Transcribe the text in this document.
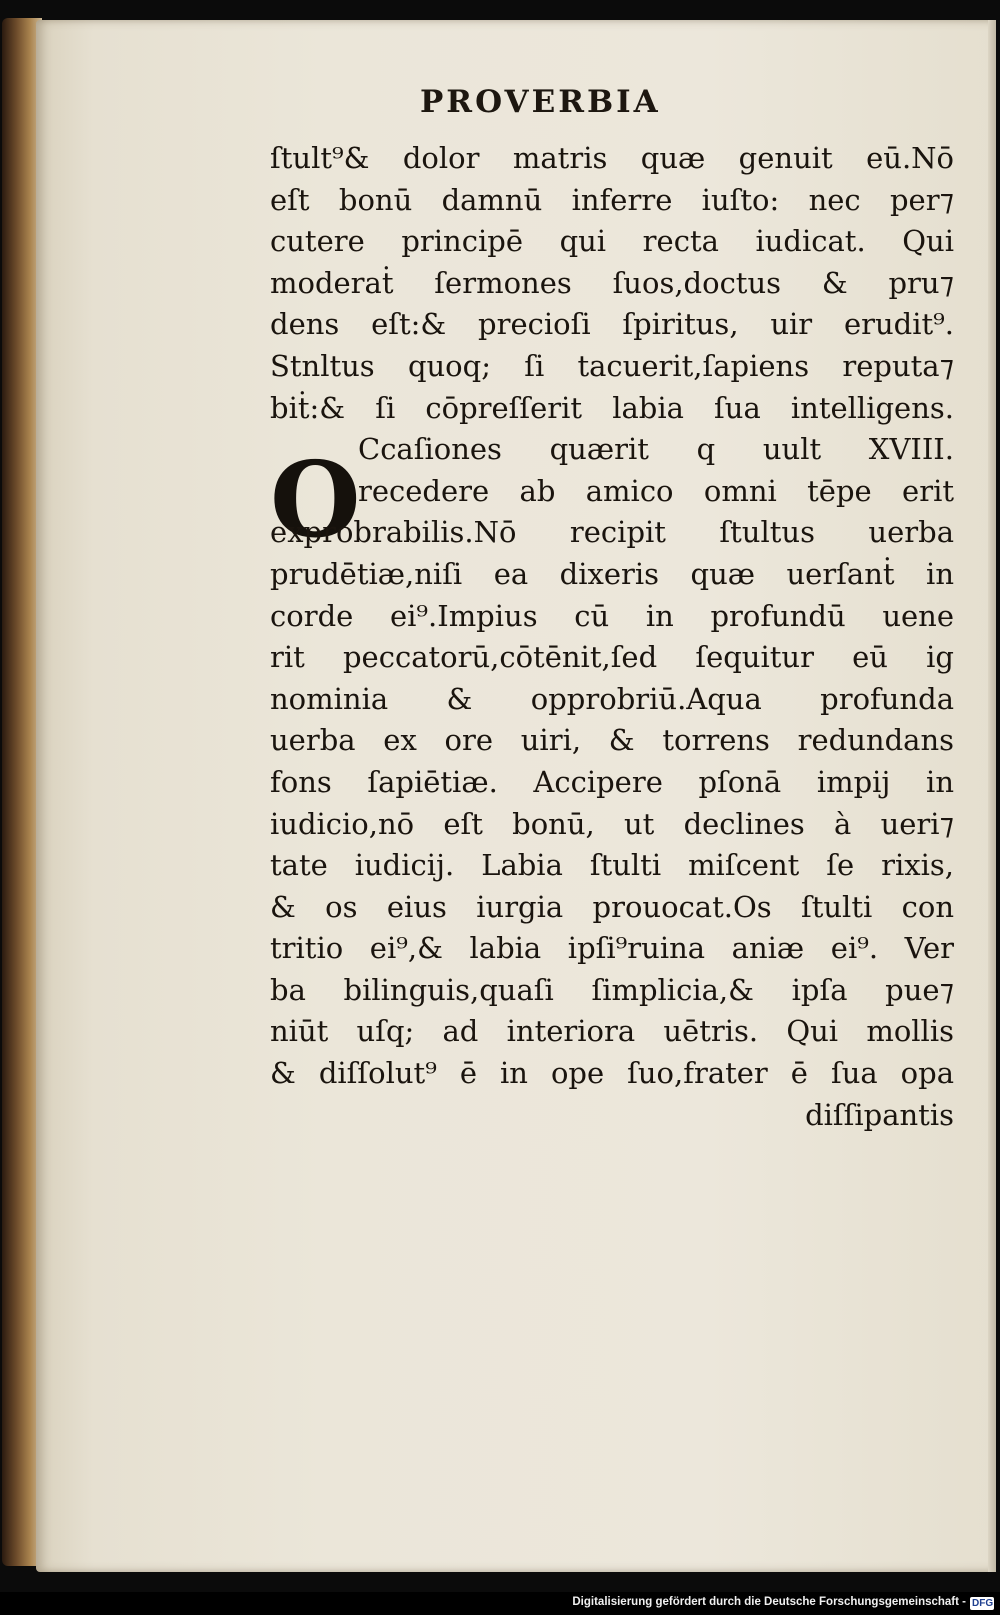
PROVERBIA
O
ſtult⁹& dolor matris quæ genuit eū.Nō
eſt bonū damnū inferre iuſto: nec per⁊
cutere principē qui recta iudicat. Qui
moderaṫ ſermones ſuos,doctus & pru⁊
dens eſt:& precioſi ſpiritus, uir erudit⁹.
Stnltus quoq; ſi tacuerit,ſapiens reputa⁊
biṫ:& ſi cōpreſſerit labia ſua intelligens.
Ccaſiones quærit q uult XVIII.
recedere ab amico omni tēpe erit
exprobrabilis.Nō recipit ſtultus uerba
prudētiæ,niſi ea dixeris quæ uerſanṫ in
corde ei⁹.Impius cū in profundū uene
rit peccatorū,cōtēnit,ſed ſequitur eū ig
nominia & opprobriū.Aqua profunda
uerba ex ore uiri, & torrens redundans
fons ſapiētiæ. Accipere pſonā impij in
iudicio,nō eſt bonū, ut declines à ueri⁊
tate iudicij. Labia ſtulti miſcent ſe rixis,
& os eius iurgia prouocat.Os ſtulti con
tritio ei⁹,& labia ipſi⁹ruina aniæ ei⁹. Ver
ba bilinguis,quaſi ſimplicia,& ipſa pue⁊
niūt uſq; ad interiora uētris. Qui mollis
& diſſolut⁹ ē in ope ſuo,frater ē ſua opa
diſſipantis
Digitalisierung gefördert durch die Deutsche Forschungsgemeinschaft - DFG
